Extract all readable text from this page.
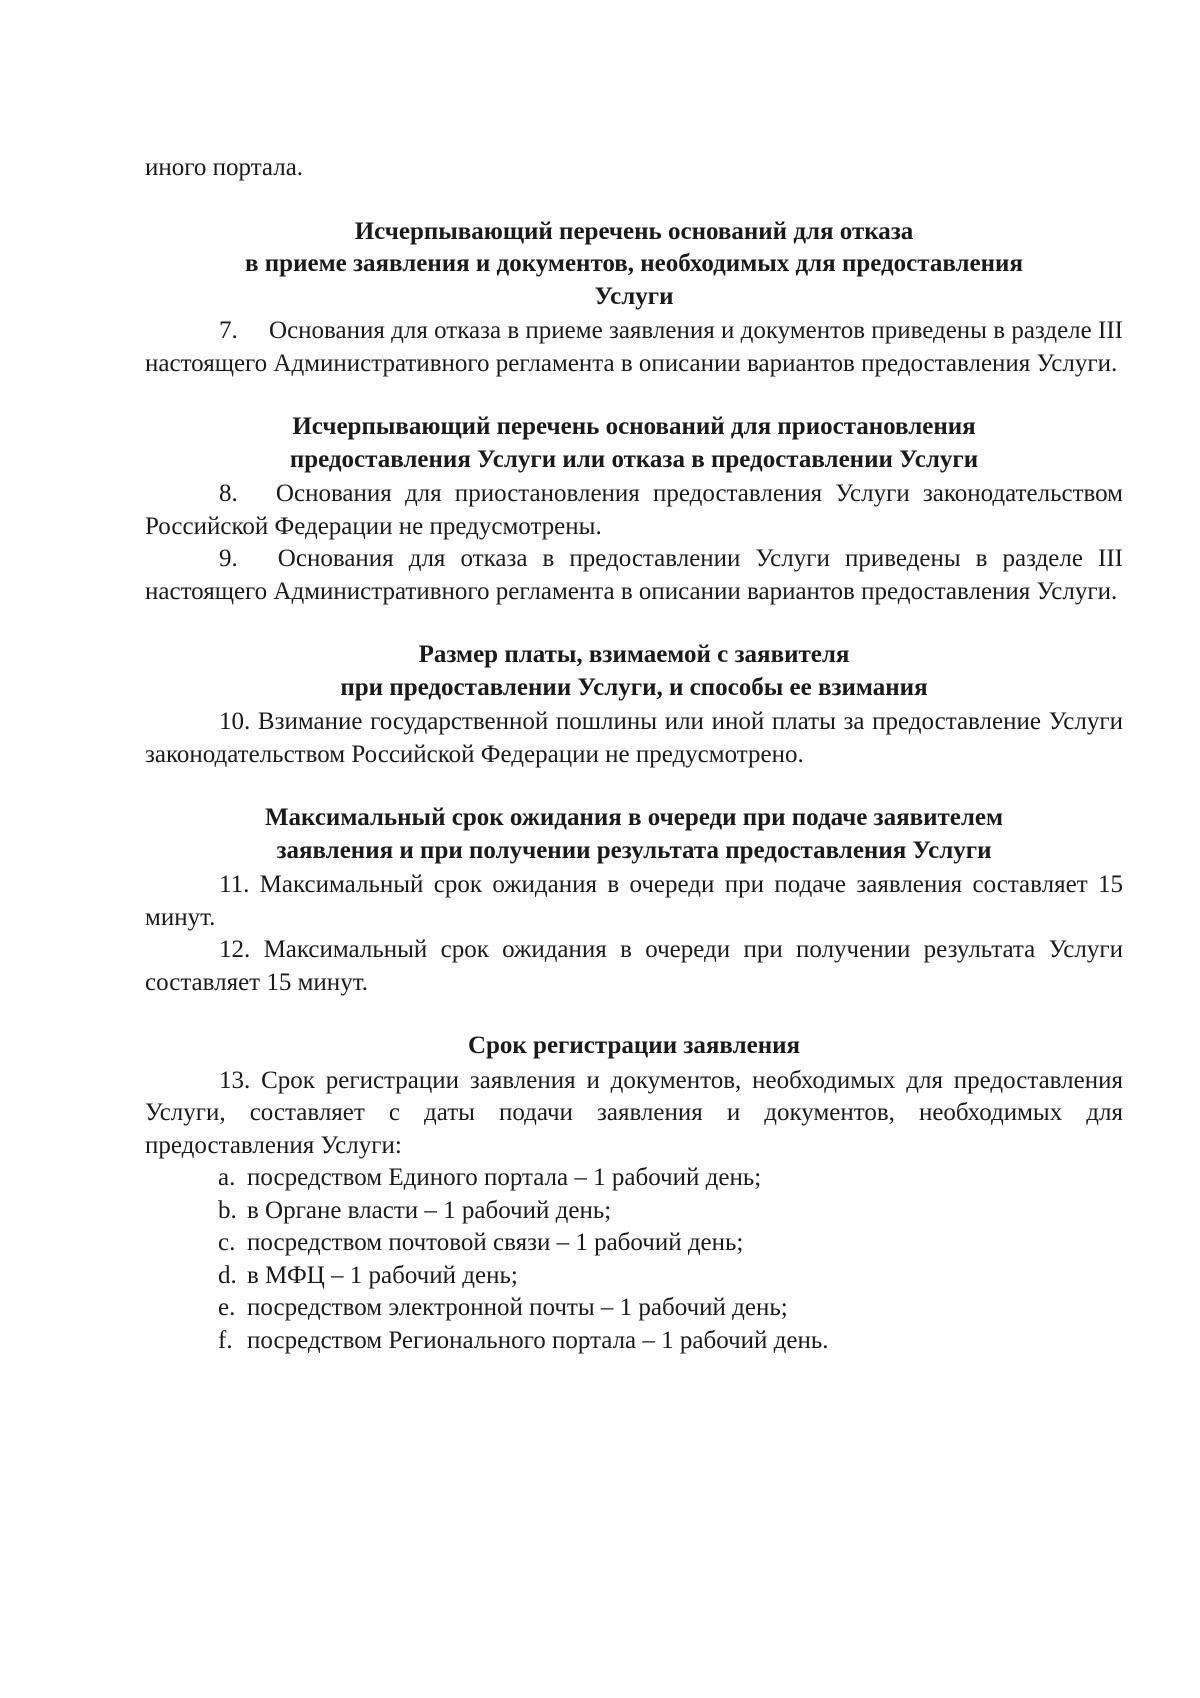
иного портала.

Исчерпывающий перечень оснований для отказа
в приеме заявления и документов, необходимых для предоставления
Услуги

7.  Основания для отказа в приеме заявления и документов приведены в разделе III настоящего Административного регламента в описании вариантов предоставления Услуги.

Исчерпывающий перечень оснований для приостановления
предоставления Услуги или отказа в предоставлении Услуги

8.  Основания для приостановления предоставления Услуги законодательством Российской Федерации не предусмотрены.

9.  Основания для отказа в предоставлении Услуги приведены в разделе III настоящего Административного регламента в описании вариантов предоставления Услуги.

Размер платы, взимаемой с заявителя
при предоставлении Услуги, и способы ее взимания

10. Взимание государственной пошлины или иной платы за предоставление Услуги законодательством Российской Федерации не предусмотрено.

Максимальный срок ожидания в очереди при подаче заявителем
заявления и при получении результата предоставления Услуги

11. Максимальный срок ожидания в очереди при подаче заявления составляет 15 минут.

12. Максимальный срок ожидания в очереди при получении результата Услуги составляет 15 минут.

Срок регистрации заявления

13. Срок регистрации заявления и документов, необходимых для предоставления Услуги, составляет с даты подачи заявления и документов, необходимых для предоставления Услуги:

a. посредством Единого портала – 1 рабочий день;
b. в Органе власти – 1 рабочий день;
c. посредством почтовой связи – 1 рабочий день;
d. в МФЦ – 1 рабочий день;
e. посредством электронной почты – 1 рабочий день;
f. посредством Регионального портала – 1 рабочий день.
